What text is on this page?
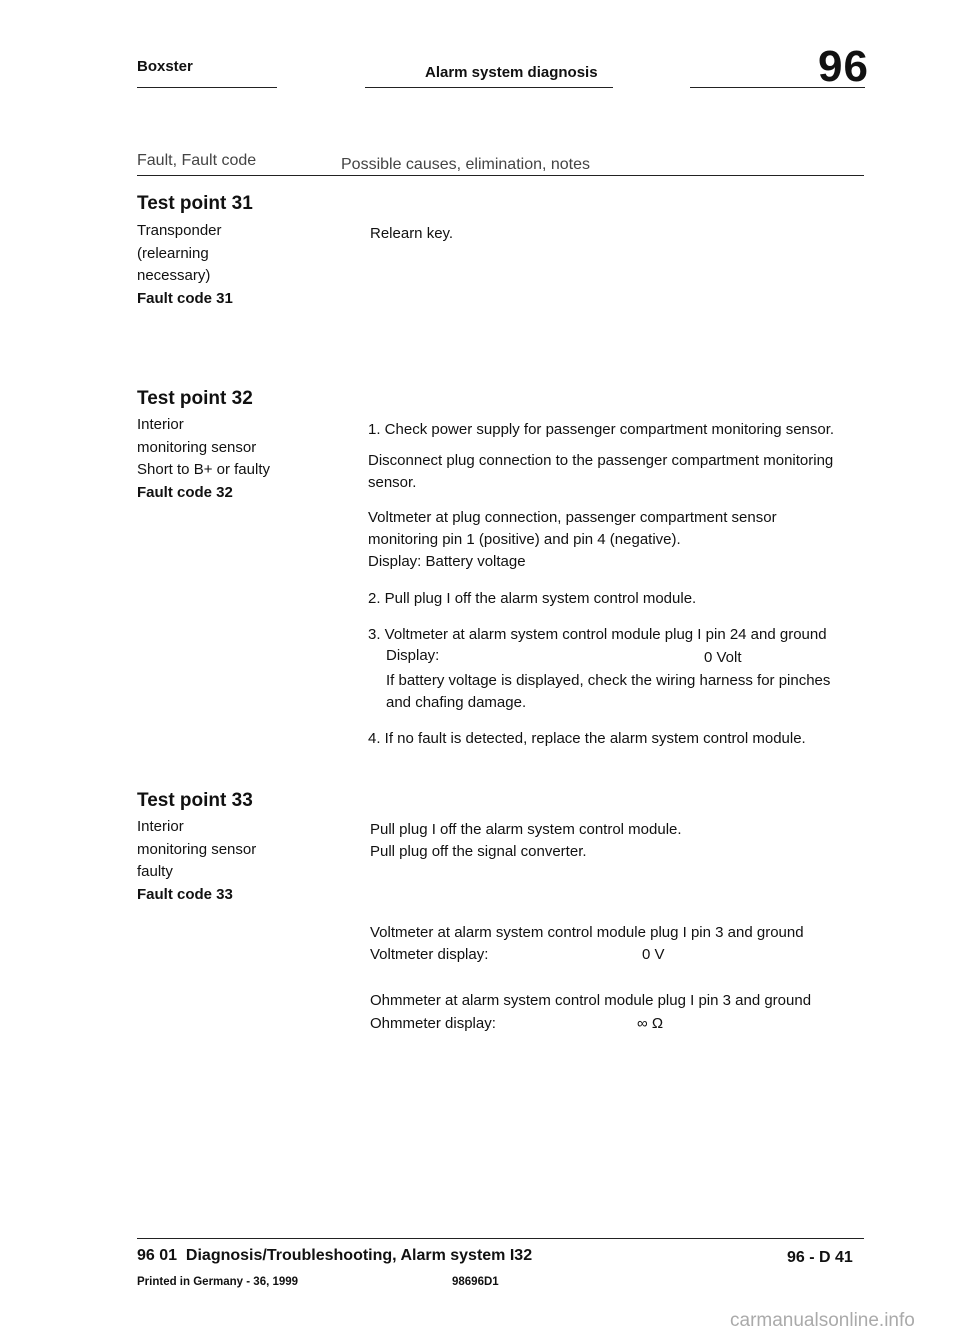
Boxster	Alarm system diagnosis	96
Fault, Fault code	Possible causes, elimination, notes
Test point 31
Transponder
(relearning
necessary)
Fault code 31
Relearn key.
Test point 32
Interior
monitoring sensor
Short to B+ or faulty
Fault code 32
1. Check power supply for passenger compartment monitoring sensor.
Disconnect plug connection to the passenger compartment monitoring
sensor.
Voltmeter at plug connection, passenger compartment sensor
monitoring pin 1 (positive) and pin 4 (negative).
Display: Battery voltage
2. Pull plug I off the alarm system control module.
3. Voltmeter at alarm system control module plug I pin 24 and ground
Display:	0 Volt
If battery voltage is displayed, check the wiring harness for pinches
and chafing damage.
4. If no fault is detected, replace the alarm system control module.
Test point 33
Interior
monitoring sensor
faulty
Fault code 33
Pull plug I off the alarm system control module.
Pull plug off the signal converter.
Voltmeter at alarm system control module plug I pin 3 and ground
Voltmeter display:	0 V
Ohmmeter at alarm system control module plug I pin 3 and ground
Ohmmeter display:	∞ Ω
96 01  Diagnosis/Troubleshooting, Alarm system I32	96 - D 41
Printed in Germany - 36, 1999	98696D1
carmanualsonline.info
